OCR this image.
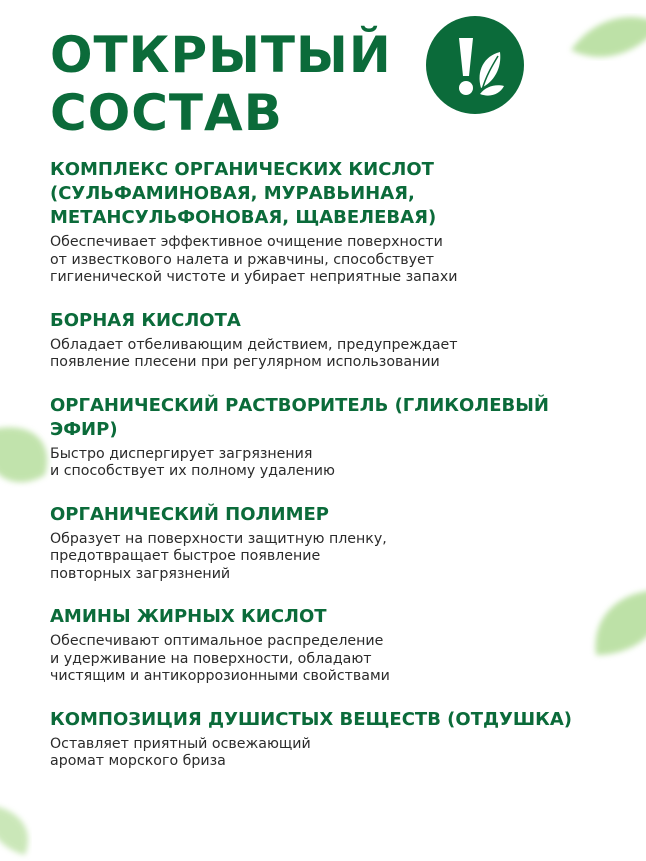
ОТКРЫТЫЙ
СОСТАВ
КОМПЛЕКС ОРГАНИЧЕСКИХ КИСЛОТ (СУЛЬФАМИНОВАЯ, МУРАВЬИНАЯ, МЕТАНСУЛЬФОНОВАЯ, ЩАВЕЛЕВАЯ)

Обеспечивает эффективное очищение поверхности
от известкового налета и ржавчины, способствует
гигиенической чистоте и убирает неприятные запахи

БОРНАЯ КИСЛОТА

Обладает отбеливающим действием, предупреждает
появление плесени при регулярном использовании

ОРГАНИЧЕСКИЙ РАСТВОРИТЕЛЬ (ГЛИКОЛЕВЫЙ ЭФИР)

Быстро диспергирует загрязнения
и способствует их полному удалению

ОРГАНИЧЕСКИЙ ПОЛИМЕР

Образует на поверхности защитную пленку,
предотвращает быстрое появление
повторных загрязнений

АМИНЫ ЖИРНЫХ КИСЛОТ

Обеспечивают оптимальное распределение
и удерживание на поверхности, обладают
чистящим и антикоррозионными свойствами

КОМПОЗИЦИЯ ДУШИСТЫХ ВЕЩЕСТВ (ОТДУШКА)

Оставляет приятный освежающий
аромат морского бриза
